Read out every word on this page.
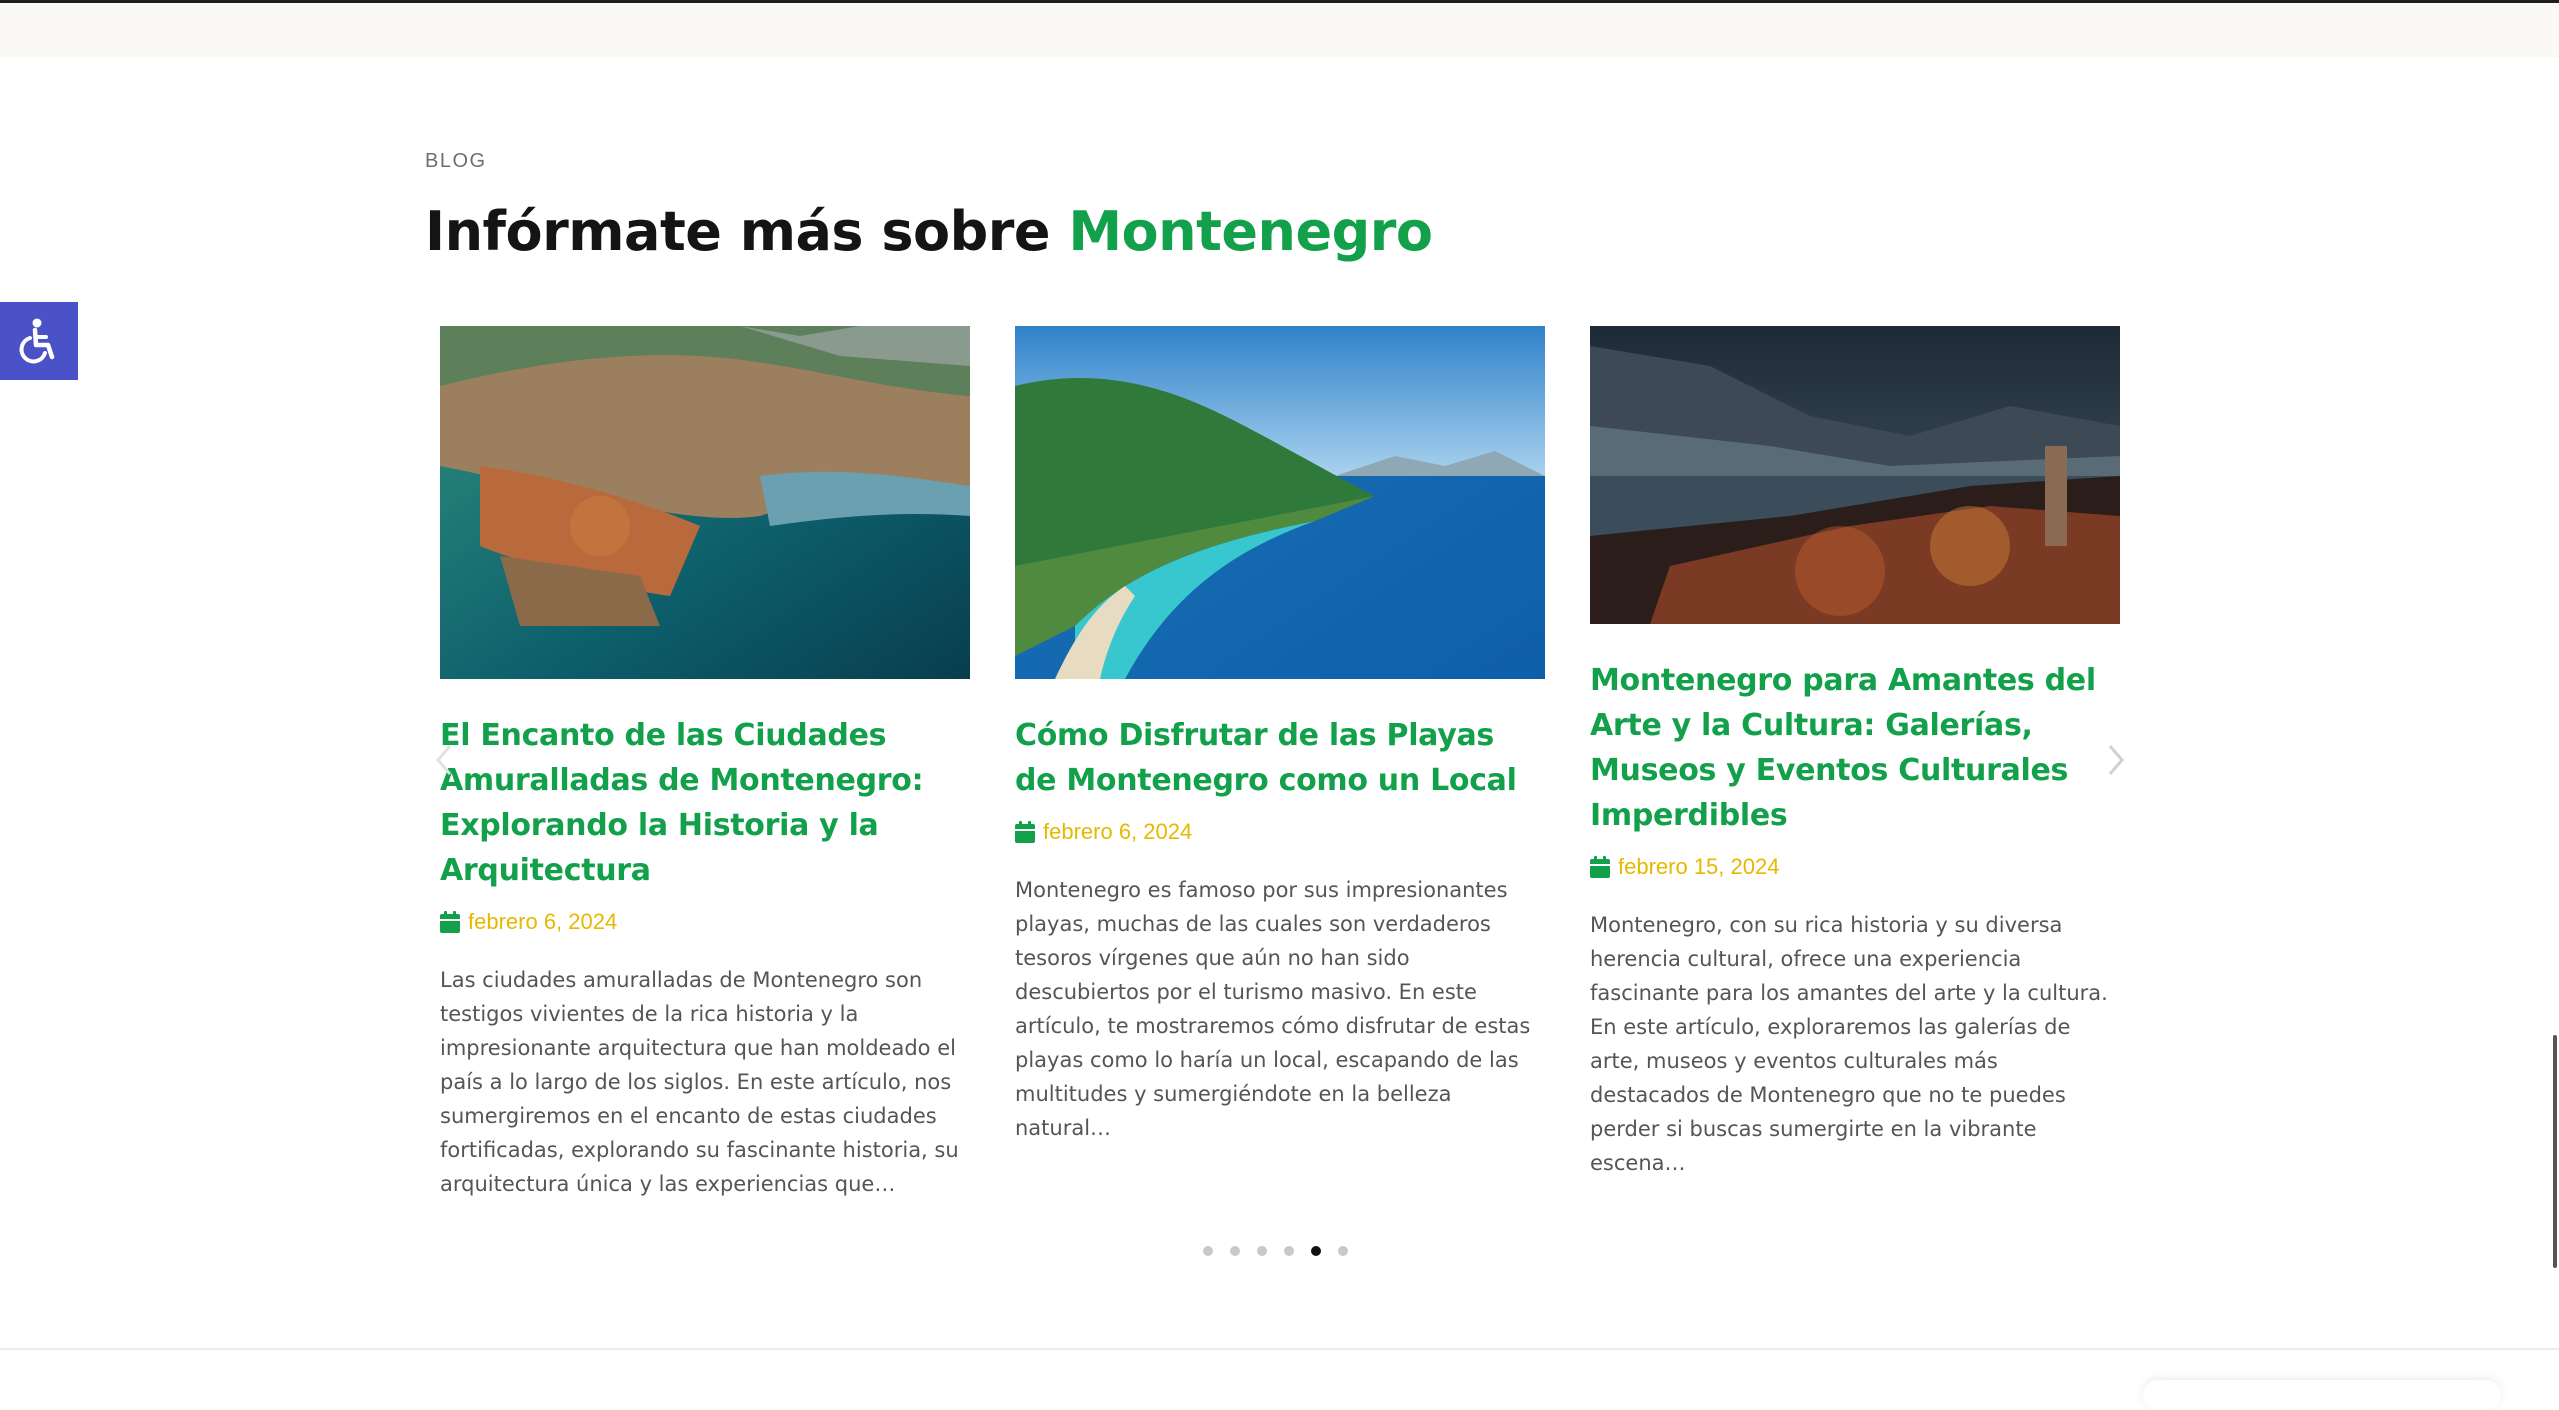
BLOG
Infórmate más sobre Montenegro
El Encanto de las Ciudades Amuralladas de Montenegro: Explorando la Historia y la Arquitectura
febrero 6, 2024
Las ciudades amuralladas de Montenegro son testigos vivientes de la rica historia y la impresionante arquitectura que han moldeado el país a lo largo de los siglos. En este artículo, nos sumergiremos en el encanto de estas ciudades fortificadas, explorando su fascinante historia, su arquitectura única y las experiencias que…
Cómo Disfrutar de las Playas de Montenegro como un Local
febrero 6, 2024
Montenegro es famoso por sus impresionantes playas, muchas de las cuales son verdaderos tesoros vírgenes que aún no han sido descubiertos por el turismo masivo. En este artículo, te mostraremos cómo disfrutar de estas playas como lo haría un local, escapando de las multitudes y sumergiéndote en la belleza natural…
Montenegro para Amantes del Arte y la Cultura: Galerías, Museos y Eventos Culturales Imperdibles
febrero 15, 2024
Montenegro, con su rica historia y su diversa herencia cultural, ofrece una experiencia fascinante para los amantes del arte y la cultura. En este artículo, exploraremos las galerías de arte, museos y eventos culturales más destacados de Montenegro que no te puedes perder si buscas sumergirte en la vibrante escena…
